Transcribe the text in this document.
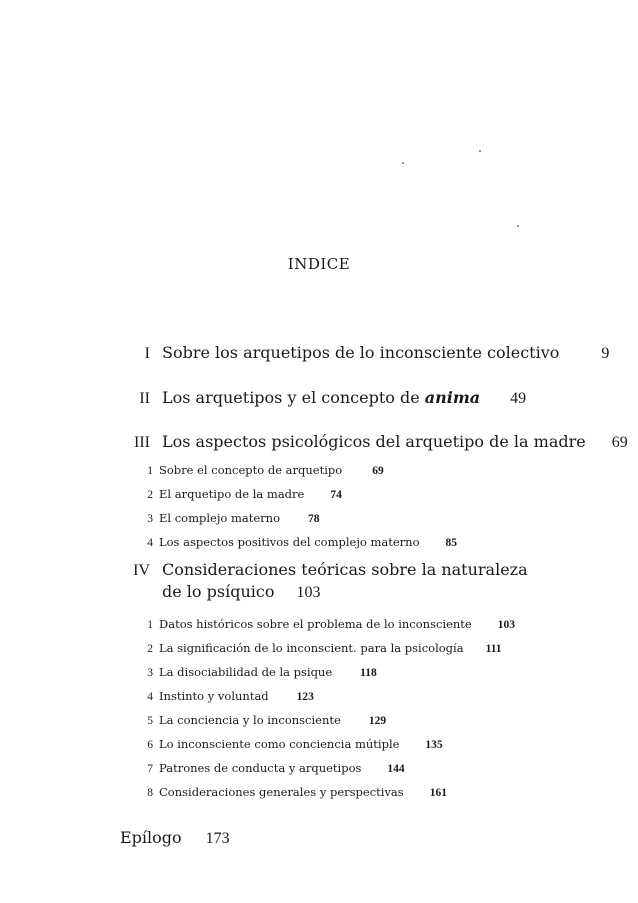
INDICE
I Sobre los arquetipos de lo inconsciente colectivo	9
II Los arquetipos y el concepto de anima 49
III Los aspectos psicológicos del arquetipo de la madre 69
1 Sobre el concepto de arquetipo	69
2 El arquetipo de la madre 74
3 El complejo materno 78
4 Los aspectos positivos del complejo materno 85
IV Consideraciones teóricas sobre la naturaleza
de lo psíquico 103
1 Datos históricos sobre el problema de lo inconsciente 103
2 La significación de lo inconscient. para la psicología 111
3 La disociabilidad de la psique 118
4 Instinto y voluntad 123
5 La conciencia y lo inconsciente 129
6 Lo inconsciente como conciencia mútiple 135
7 Patrones de conducta y arquetipos 144
8 Consideraciones generales y perspectivas 161
Epílogo 173
